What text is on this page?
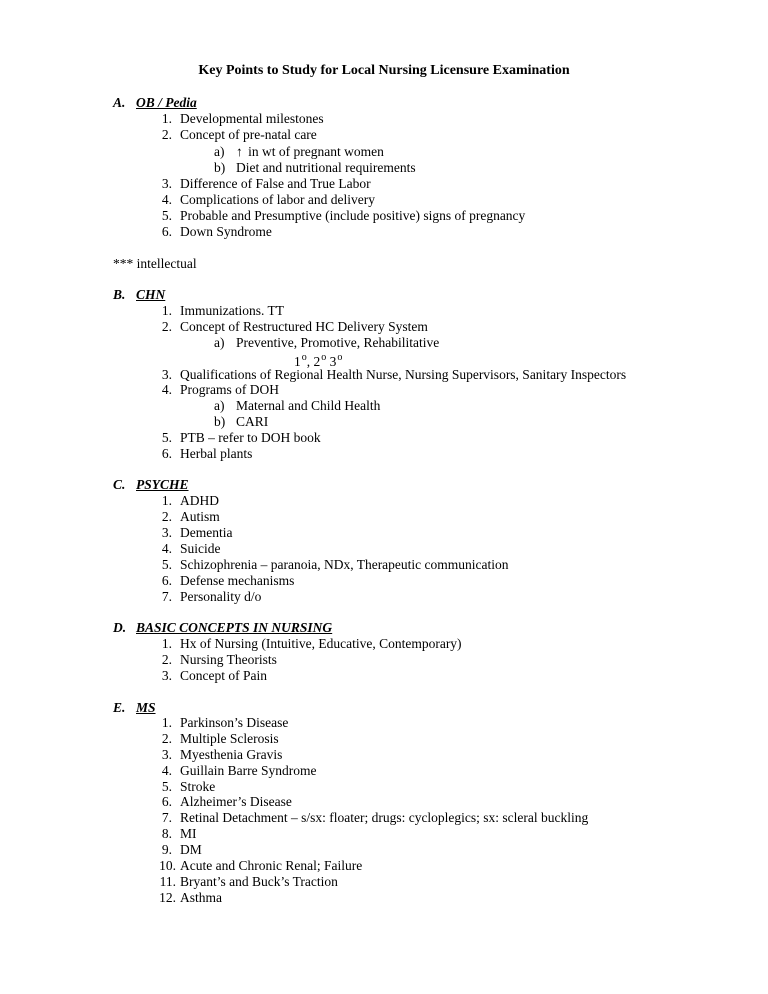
Key Points to Study for Local Nursing Licensure Examination
A. OB / Pedia
1. Developmental milestones
2. Concept of pre-natal care
a) ↑ in wt of pregnant women
b) Diet and nutritional requirements
3. Difference of False and True Labor
4. Complications of labor and delivery
5. Probable and Presumptive (include positive) signs of pregnancy
6. Down Syndrome
*** intellectual
B. CHN
1. Immunizations. TT
2. Concept of Restructured HC Delivery System
a) Preventive, Promotive, Rehabilitative
1$^o$, 2$^o$ 3$^o$
3. Qualifications of Regional Health Nurse, Nursing Supervisors, Sanitary Inspectors
4. Programs of DOH
a) Maternal and Child Health
b) CARI
5. PTB – refer to DOH book
6. Herbal plants
C. PSYCHE
1. ADHD
2. Autism
3. Dementia
4. Suicide
5. Schizophrenia – paranoia, NDx, Therapeutic communication
6. Defense mechanisms
7. Personality d/o
D. BASIC CONCEPTS IN NURSING
1. Hx of Nursing (Intuitive, Educative, Contemporary)
2. Nursing Theorists
3. Concept of Pain
E. MS
1. Parkinson’s Disease
2. Multiple Sclerosis
3. Myesthenia Gravis
4. Guillain Barre Syndrome
5. Stroke
6. Alzheimer’s Disease
7. Retinal Detachment – s/sx: floater; drugs: cycloplegics; sx: scleral buckling
8. MI
9. DM
10. Acute and Chronic Renal; Failure
11. Bryant’s and Buck’s Traction
12. Asthma
